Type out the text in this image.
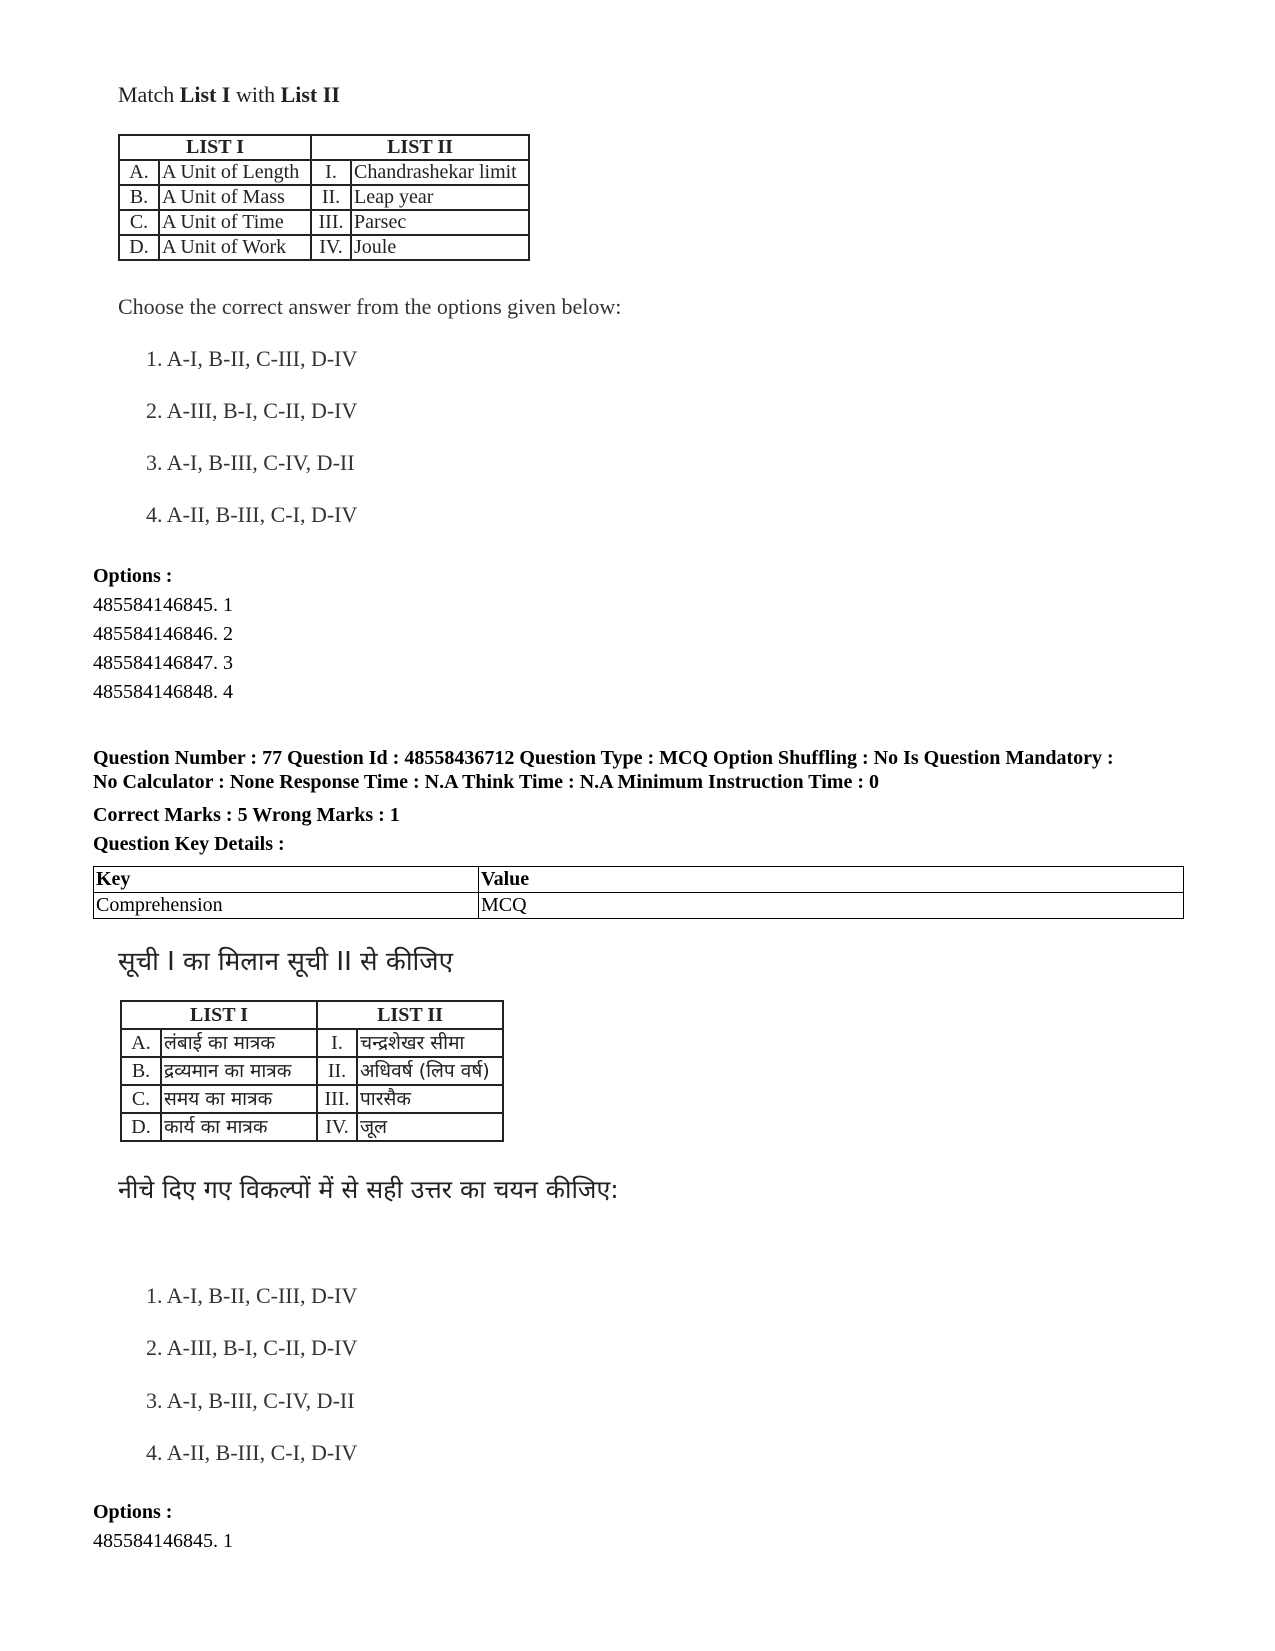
Match List I with List II
LIST I		LIST II	
A.	A Unit of Length	I.	Chandrashekar limit
B.	A Unit of Mass	II.	Leap year
C.	A Unit of Time	III.	Parsec
D.	A Unit of Work	IV.	Joule
Choose the correct answer from the options given below:
1. A-I, B-II, C-III, D-IV
2. A-III, B-I, C-II, D-IV
3. A-I, B-III, C-IV, D-II
4. A-II, B-III, C-I, D-IV
Options :
485584146845. 1
485584146846. 2
485584146847. 3
485584146848. 4
Question Number : 77 Question Id : 48558436712 Question Type : MCQ Option Shuffling : No Is Question Mandatory :
No Calculator : None Response Time : N.A Think Time : N.A Minimum Instruction Time : 0
Correct Marks : 5 Wrong Marks : 1
Question Key Details :
Key	Value
Comprehension	MCQ
सूची I का मिलान सूची II से कीजिए
LIST I		LIST II	
A.	लंबाई का मात्रक	I.	चन्द्रशेखर सीमा
B.	द्रव्यमान का मात्रक	II.	अधिवर्ष (लिप वर्ष)
C.	समय का मात्रक	III.	पारसैक
D.	कार्य का मात्रक	IV.	जूल
नीचे दिए गए विकल्पों में से सही उत्तर का चयन कीजिए:
1. A-I, B-II, C-III, D-IV
2. A-III, B-I, C-II, D-IV
3. A-I, B-III, C-IV, D-II
4. A-II, B-III, C-I, D-IV
Options :
485584146845. 1
